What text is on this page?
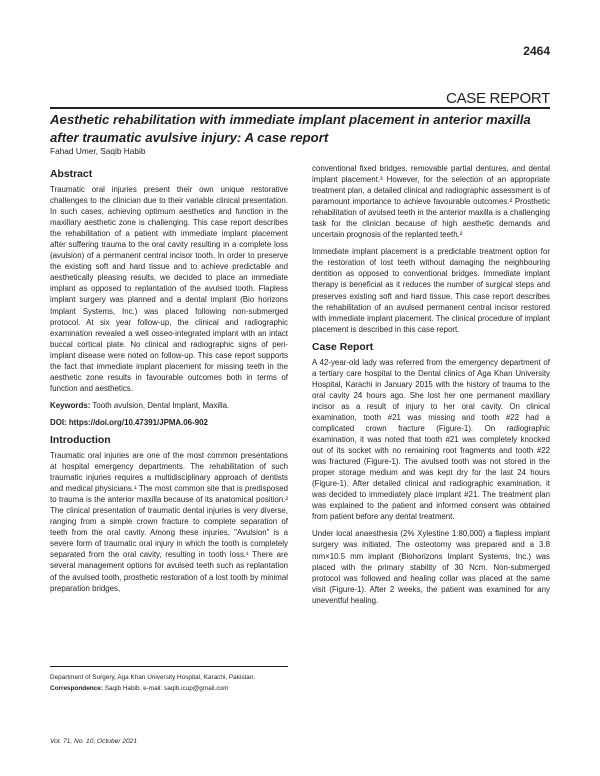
2464
CASE REPORT
Aesthetic rehabilitation with immediate implant placement in anterior maxilla after traumatic avulsive injury: A case report
Fahad Umer, Saqib Habib
Abstract

Traumatic oral injuries present their own unique restorative challenges to the clinician due to their variable clinical presentation. In such cases, achieving optimum aesthetics and function in the maxillary aesthetic zone is challenging. This case report describes the rehabilitation of a patient with immediate implant placement after suffering trauma to the oral cavity resulting in a complete loss (avulsion) of a permanent central incisor tooth. In order to preserve the existing soft and hard tissue and to achieve predictable and aesthetically pleasing results, we decided to place an immediate implant as opposed to replantation of the avulsed tooth. Flapless implant surgery was planned and a dental implant (Bio horizons Implant Systems, Inc.) was placed following non-submerged protocol. At six year follow-up, the clinical and radiographic examination revealed a well osseo-integrated implant with an intact buccal cortical plate. No clinical and radiographic signs of peri-implant disease were noted on follow-up. This case report supports the fact that immediate implant placement for missing teeth in the aesthetic zone results in favourable outcomes both in terms of function and aesthetics.

Keywords: Tooth avulsion, Dental Implant, Maxilla.

DOI: https://doi.org/10.47391/JPMA.06-902

Introduction

Traumatic oral injuries are one of the most common presentations at hospital emergency departments. The rehabilitation of such traumatic injuries requires a multidisciplinary approach of dentists and medical physicians.¹ The most common site that is predisposed to trauma is the anterior maxilla because of its anatomical position.² The clinical presentation of traumatic dental injuries is very diverse, ranging from a simple crown fracture to complete separation of teeth from the oral cavity. Among these injuries, "Avulsion" is a severe form of traumatic oral injury in which the tooth is completely separated from the oral cavity, resulting in tooth loss.¹ There are several management options for avulsed teeth such as replantation of the avulsed tooth, prosthetic restoration of a lost tooth by minimal preparation bridges,

conventional fixed bridges, removable partial dentures, and dental implant placement.³ However, for the selection of an appropriate treatment plan, a detailed clinical and radiographic assessment is of paramount importance to achieve favourable outcomes.² Prosthetic rehabilitation of avulsed teeth in the anterior maxilla is a challenging task for the clinician because of high aesthetic demands and uncertain prognosis of the replanted teeth.²

Immediate implant placement is a predictable treatment option for the restoration of lost teeth without damaging the neighbouring dentition as opposed to conventional bridges. Immediate implant therapy is beneficial as it reduces the number of surgical steps and preserves existing soft and hard tissue. This case report describes the rehabilitation of an avulsed permanent central incisor restored with immediate implant placement. The clinical procedure of implant placement is described in this case report.

Case Report

A 42-year-old lady was referred from the emergency department of a tertiary care hospital to the Dental clinics of Aga Khan University Hospital, Karachi in January 2015 with the history of trauma to the oral cavity 24 hours ago. She lost her one permanent maxillary incisor as a result of injury to her oral cavity. On clinical examination, tooth #21 was missing and tooth #22 had a complicated crown fracture (Figure-1). On radiographic examination, it was noted that tooth #21 was completely knocked out of its socket with no remaining root fragments and tooth #22 was fractured (Figure-1). The avulsed tooth was not stored in the proper storage medium and was kept dry for the last 24 hours (Figure-1). After detailed clinical and radiographic examination, it was decided to immediately place implant #21. The treatment plan was explained to the patient and informed consent was obtained from patient before any dental treatment.

Under local anaesthesia (2% Xylestine 1:80,000) a flapless implant surgery was initiated. The osteotomy was prepared and a 3.8 mm×10.5 mm implant (Biohorizons Implant Systems, Inc.) was placed with the primary stability of 30 Ncm. Non-submerged protocol was followed and healing collar was placed at the same visit (Figure-1). After 2 weeks, the patient was examined for any uneventful healing.

Department of Surgery, Aga Khan University Hospital, Karachi, Pakistan.
Correspondence: Saqib Habib. e-mail: saqib.icup@gmail.com
Vol. 71, No. 10, October 2021
